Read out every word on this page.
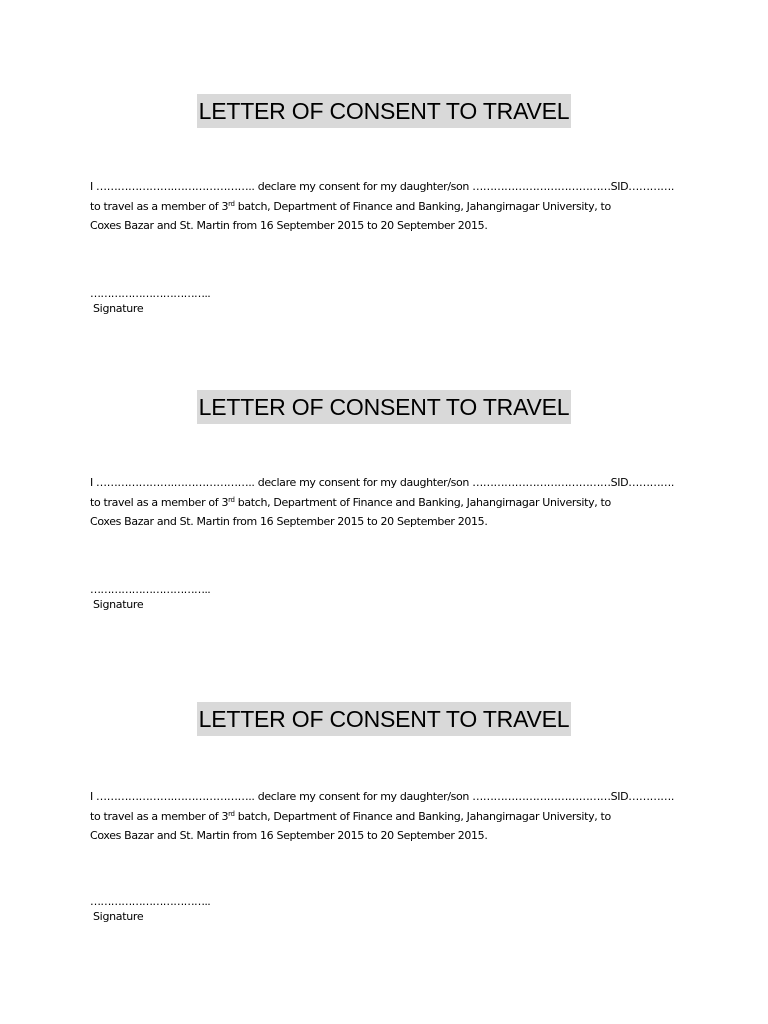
LETTER OF CONSENT TO TRAVEL
I ………………….………………….. declare my consent for my daughter/son …………………………………SID………….
to travel as a member of 3rd batch, Department of Finance and Banking, Jahangirnagar University, to
Coxes Bazar and St. Martin from 16 September 2015 to 20 September 2015.
……………………………..
Signature
LETTER OF CONSENT TO TRAVEL
I ………………….………………….. declare my consent for my daughter/son …………………………………SID………….
to travel as a member of 3rd batch, Department of Finance and Banking, Jahangirnagar University, to
Coxes Bazar and St. Martin from 16 September 2015 to 20 September 2015.
……………………………..
Signature
LETTER OF CONSENT TO TRAVEL
I ………………….………………….. declare my consent for my daughter/son …………………………………SID………….
to travel as a member of 3rd batch, Department of Finance and Banking, Jahangirnagar University, to
Coxes Bazar and St. Martin from 16 September 2015 to 20 September 2015.
……………………………..
Signature
